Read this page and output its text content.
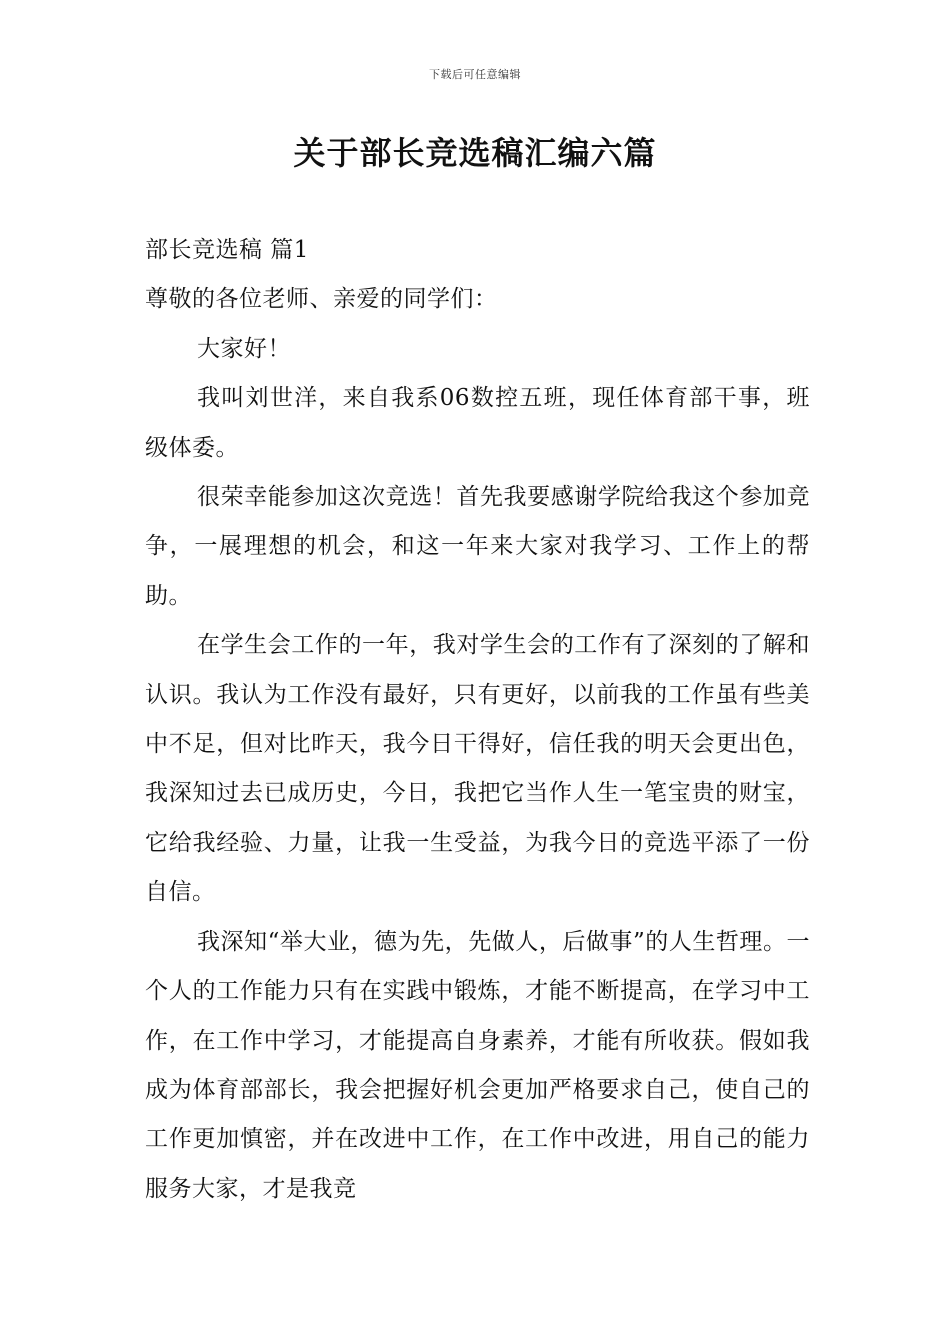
下载后可任意编辑
关于部长竞选稿汇编六篇

部长竞选稿 篇1

尊敬的各位老师、亲爱的同学们：

大家好！

我叫刘世洋，来自我系06数控五班，现任体育部干事，班级体委。

很荣幸能参加这次竞选！首先我要感谢学院给我这个参加竞争，一展理想的机会，和这一年来大家对我学习、工作上的帮助。

在学生会工作的一年，我对学生会的工作有了深刻的了解和认识。我认为工作没有最好，只有更好，以前我的工作虽有些美中不足，但对比昨天，我今日干得好，信任我的明天会更出色，我深知过去已成历史，今日，我把它当作人生一笔宝贵的财宝，它给我经验、力量，让我一生受益，为我今日的竞选平添了一份自信。

我深知“举大业，德为先，先做人，后做事”的人生哲理。一个人的工作能力只有在实践中锻炼，才能不断提高，在学习中工作，在工作中学习，才能提高自身素养，才能有所收获。假如我成为体育部部长，我会把握好机会更加严格要求自己，使自己的工作更加慎密，并在改进中工作，在工作中改进，用自己的能力服务大家，才是我竞
